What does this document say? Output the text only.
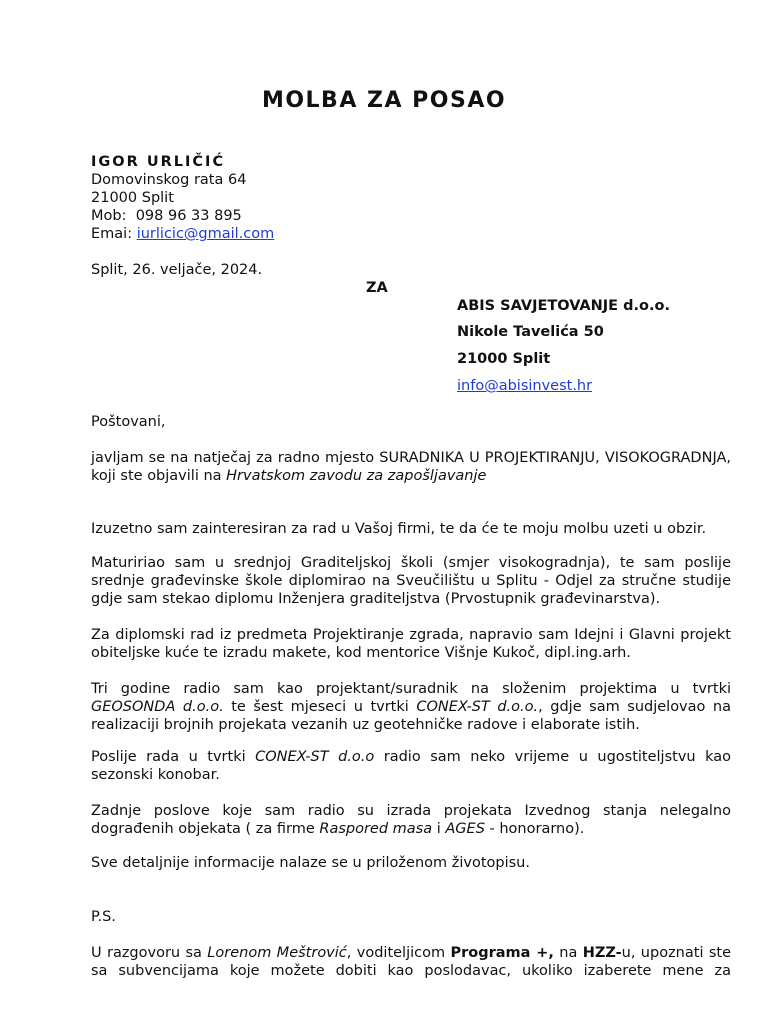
MOLBA ZA POSAO
IGOR URLIČIĆ
Domovinskog rata 64
21000 Split
Mob: 098 96 33 895
Emai: iurlicic@gmail.com
Split, 26. veljače, 2024.
ZA
ABIS SAVJETOVANJE d.o.o.
Nikole Tavelića 50
21000 Split
info@abisinvest.hr
Poštovani,
javljam se na natječaj za radno mjesto SURADNIKA U PROJEKTIRANJU, VISOKOGRADNJA, koji ste objavili na Hrvatskom zavodu za zapošljavanje
Izuzetno sam zainteresiran za rad u Vašoj firmi, te da će te moju molbu uzeti u obzir.
Matuririao sam u srednjoj Graditeljskoj školi (smjer visokogradnja), te sam poslije srednje građevinske škole diplomirao na Sveučilištu u Splitu - Odjel za stručne studije gdje sam stekao diplomu Inženjera graditeljstva (Prvostupnik građevinarstva).
Za diplomski rad iz predmeta Projektiranje zgrada, napravio sam Idejni i Glavni projekt obiteljske kuće te izradu makete, kod mentorice Višnje Kukoč, dipl.ing.arh.
Tri godine radio sam kao projektant/suradnik na složenim projektima u tvrtki GEOSONDA d.o.o. te šest mjeseci u tvrtki CONEX-ST d.o.o., gdje sam sudjelovao na realizaciji brojnih projekata vezanih uz geotehničke radove i elaborate istih.
Poslije rada u tvrtki CONEX-ST d.o.o radio sam neko vrijeme u ugostiteljstvu kao sezonski konobar.
Zadnje poslove koje sam radio su izrada projekata Izvednog stanja nelegalno dograđenih objekata ( za firme Raspored masa i AGES - honorarno).
Sve detaljnije informacije nalaze se u priloženom životopisu.
P.S.
U razgovoru sa Lorenom Meštrović, voditeljicom Programa +, na HZZ-u, upoznati ste sa subvencijama koje možete dobiti kao poslodavac, ukoliko izaberete mene za
